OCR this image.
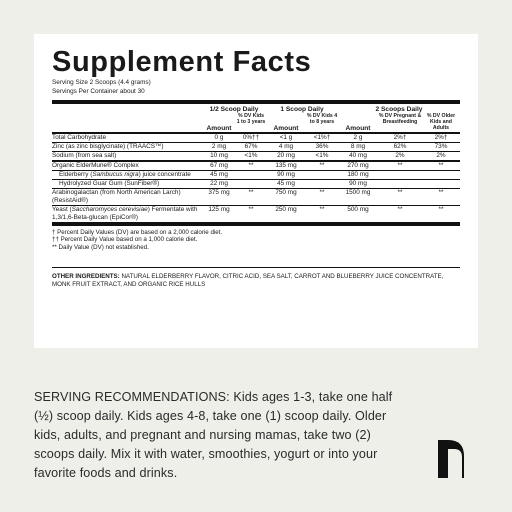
Supplement Facts
Serving Size 2 Scoops (4.4 grams)
Servings Per Container about 30
	1/2 Scoop Daily		1 Scoop Daily		2 Scoops Daily		
	Amount	% DV Kids 1 to 3 years	Amount	% DV Kids 4 to 8 years	Amount	% DV Pregnant & Breastfeeding	% DV Older Kids and Adults
Total Carbohydrate	0 g	0%††	<1 g	<1%†	2 g	2%†	2%†
Zinc (as zinc bisglycinate) (TRAACS™)	2 mg	67%	4 mg	36%	8 mg	62%	73%
Sodium (from sea salt)	10 mg	<1%	20 mg	<1%	40 mg	2%	2%
Organic ElderMune® Complex	67 mg	**	135 mg	**	270 mg	**	**
Elderberry (Sambucus nigra) juice concentrate	45 mg		90 mg		180 mg		
Hydrolyzed Guar Gum (SunFiber®)	22 mg		45 mg		90 mg		
Arabinogalactan (from North American Larch) (ResistAid®)	375 mg	**	750 mg	**	1500 mg	**	**
Yeast (Saccharomyces cerevisiae) Fermentate with 1,3/1,6-Beta-glucan (EpiCor®)	125 mg	**	250 mg	**	500 mg	**	**
† Percent Daily Values (DV) are based on a 2,000 calorie diet.
†† Percent Daily Value based on a 1,000 calorie diet.
** Daily Value (DV) not established.
OTHER INGREDIENTS: NATURAL ELDERBERRY FLAVOR, CITRIC ACID, SEA SALT, CARROT AND BLUEBERRY JUICE CONCENTRATE, MONK FRUIT EXTRACT, AND ORGANIC RICE HULLS
SERVING RECOMMENDATIONS: Kids ages 1-3, take one half (½) scoop daily. Kids ages 4-8, take one (1) scoop daily. Older kids, adults, and pregnant and nursing mamas, take two (2) scoops daily. Mix it with water, smoothies, yogurt or into your favorite foods and drinks.
